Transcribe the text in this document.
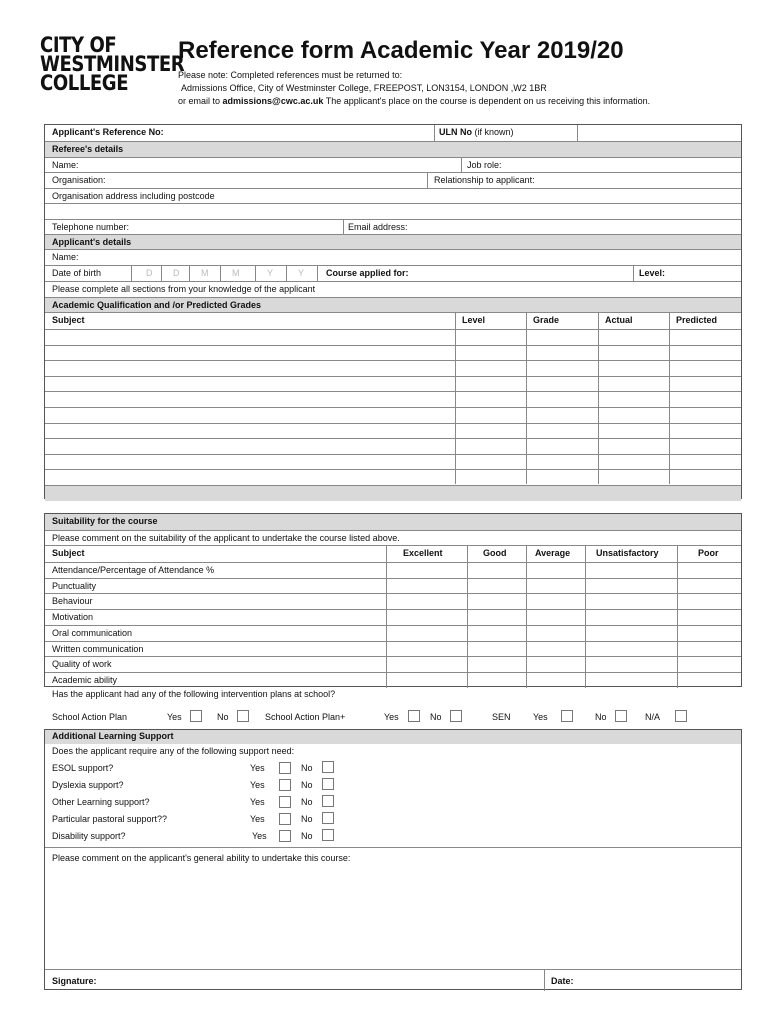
CITY OF
WESTMINSTER
COLLEGE
Reference form Academic Year 2019/20
Please note: Completed references must be returned to:
Admissions Office, City of Westminster College, FREEPOST, LON3154, LONDON ,W2 1BR
or email to admissions@cwc.ac.uk The applicant's place on the course is dependent on us receiving this information.
Applicant's Reference No:	ULN No (if known)
Referee's details
Name:	Job role:
Organisation:	Relationship to applicant:
Organisation address including postcode
Telephone number:	Email address:
Applicant's details
Name:
Date of birth	D D M	M	Y	Y Course applied for:	Level:
Please complete all sections from your knowledge of the applicant
Academic Qualification and /or Predicted Grades
Subject	Level	Grade	Actual	Predicted
Suitability for the course
Please comment on the suitability of the applicant to undertake the course listed above.
Subject	Excellent	Good	Average	Unsatisfactory	Poor
Attendance/Percentage of Attendance %
Punctuality
Behaviour
Motivation
Oral communication
Written communication
Quality of work
Academic ability
Has the applicant had any of the following intervention plans at school?
School Action Plan	Yes	No	School Action Plan+	Yes	No	SEN Yes	No	N/A
Additional Learning Support
Does the applicant require any of the following support need:
ESOL support?	Yes	No
Dyslexia support?	Yes	No
Other Learning support?	Yes	No
Particular pastoral support??	Yes	No
Disability support?	Yes	No
Please comment on the applicant's general ability to undertake this course:
Signature:	Date:
